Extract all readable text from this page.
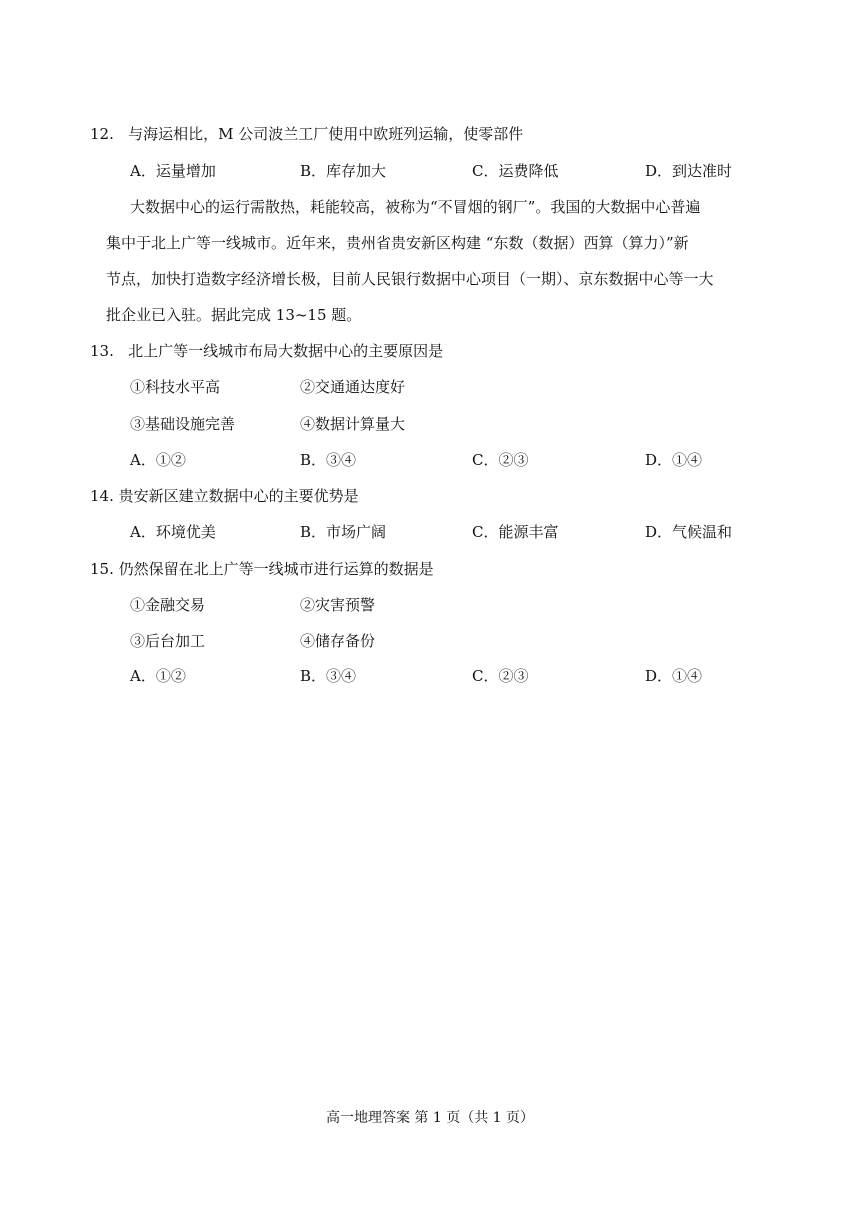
12. 与海运相比，M 公司波兰工厂使用中欧班列运输，使零部件
A．运量增加	B．库存加大	C．运费降低	D．到达准时
大数据中心的运行需散热，耗能较高，被称为“不冒烟的钢厂”。我国的大数据中心普遍
集中于北上广等一线城市。近年来，贵州省贵安新区构建 “东数（数据）西算（算力）”新
节点，加快打造数字经济增长极，目前人民银行数据中心项目（一期）、京东数据中心等一大
批企业已入驻。据此完成 13~15 题。
13. 北上广等一线城市布局大数据中心的主要原因是
①科技水平高	②交通通达度好
③基础设施完善	④数据计算量大
A．①②	B．③④	C．②③	D．①④
14. 贵安新区建立数据中心的主要优势是
A．环境优美	B．市场广阔	C．能源丰富	D．气候温和
15. 仍然保留在北上广等一线城市进行运算的数据是
①金融交易	②灾害预警
③后台加工	④储存备份
A．①②	B．③④	C．②③	D．①④
高一地理答案 第 1 页（共 1 页）
